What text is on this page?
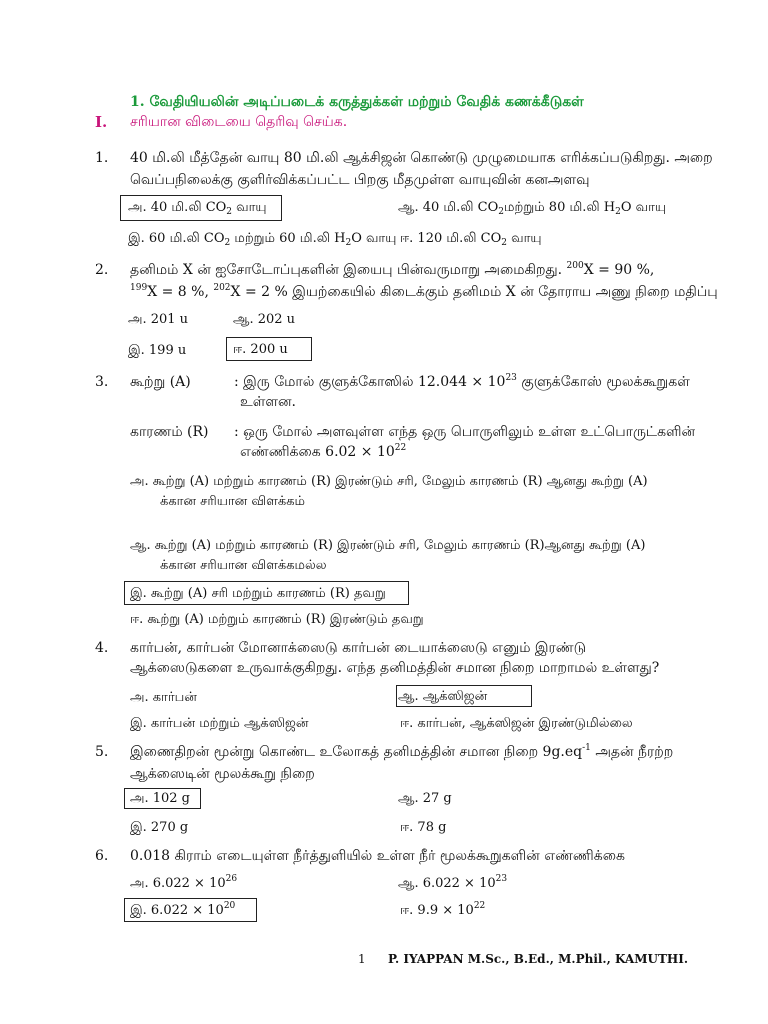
1. வேதியியலின் அடிப்படைக் கருத்துக்கள் மற்றும் வேதிக் கணக்கீடுகள்
I. சரியான விடையை தெரிவு செய்க.
1. 40 மி.லி மீத்தேன் வாயு 80 மி.லி ஆக்சிஜன் கொண்டு முழுமையாக எரிக்கப்படுகிறது. அறை
வெப்பநிலைக்கு குளிர்விக்கப்பட்ட பிறகு மீதமுள்ள வாயுவின் கனஅளவு
அ. 40 மி.லி $CO_2$ வாயு	ஆ. 40 மி.லி $CO_2மற்றும்$ 80 மி.லி $H_2O$ வாயு
இ. 60 மி.லி $CO_2$ மற்றும் 60 மி.லி $H_2O$ வாயு ஈ. 120 மி.லி $CO_2$ வாயு
2. தனிமம் X ன் ஐசோடோப்புகளின் இயைபு பின்வருமாறு அமைகிறது. $^{200}$X = 90 %,
$^{199}$X = 8 %, $^{202}$X = 2 % இயற்கையில் கிடைக்கும் தனிமம் X ன் தோராய அணு நிறை மதிப்பு
அ. 201 u	ஆ. 202 u
இ. 199 u	ஈ. 200 u
3. கூற்று (A)	: இரு மோல் குளுக்கோஸில் $12.044 \times 10^{23}$ குளுக்கோஸ் மூலக்கூறுகள்
உள்ளன.
காரணம் (R) : ஒரு மோல் அளவுள்ள எந்த ஒரு பொருளிலும் உள்ள உட்பொருட்களின்
எண்ணிக்கை $6.02 \times 10^{22}$
அ. கூற்று (A) மற்றும் காரணம் (R) இரண்டும் சரி, மேலும் காரணம் (R) ஆனது கூற்று (A)
க்கான சரியான விளக்கம்
ஆ. கூற்று (A) மற்றும் காரணம் (R) இரண்டும் சரி, மேலும் காரணம் (R)ஆனது கூற்று (A)
க்கான சரியான விளக்கமல்ல
இ. கூற்று (A) சரி மற்றும் காரணம் (R) தவறு
ஈ. கூற்று (A) மற்றும் காரணம் (R) இரண்டும் தவறு
4. கார்பன், கார்பன் மோனாக்ஸைடு கார்பன் டையாக்ஸைடு எனும் இரண்டு
ஆக்ஸைடுகளை உருவாக்குகிறது. எந்த தனிமத்தின் சமான நிறை மாறாமல் உள்ளது?
அ. கார்பன்	ஆ. ஆக்ஸிஜன்
இ. கார்பன் மற்றும் ஆக்ஸிஜன்	ஈ. கார்பன், ஆக்ஸிஜன் இரண்டுமில்லை
5. இணைதிறன் மூன்று கொண்ட உலோகத் தனிமத்தின் சமான நிறை $9g.eq^{-1}$ அதன் நீரற்ற
ஆக்ஸைடின் மூலக்கூறு நிறை
அ. 102 g	ஆ. 27 g
இ. 270 g	ஈ. 78 g
6. 0.018 கிராம் எடையுள்ள நீர்த்துளியில் உள்ள நீர் மூலக்கூறுகளின் எண்ணிக்கை
அ. $6.022 \times 10^{26}$	ஆ. $6.022 \times 10^{23}$
இ. $6.022 \times 10^{20}$	ஈ. $9.9 \times 10^{22}$
1 P. IYAPPAN M.Sc., B.Ed., M.Phil., KAMUTHI.
